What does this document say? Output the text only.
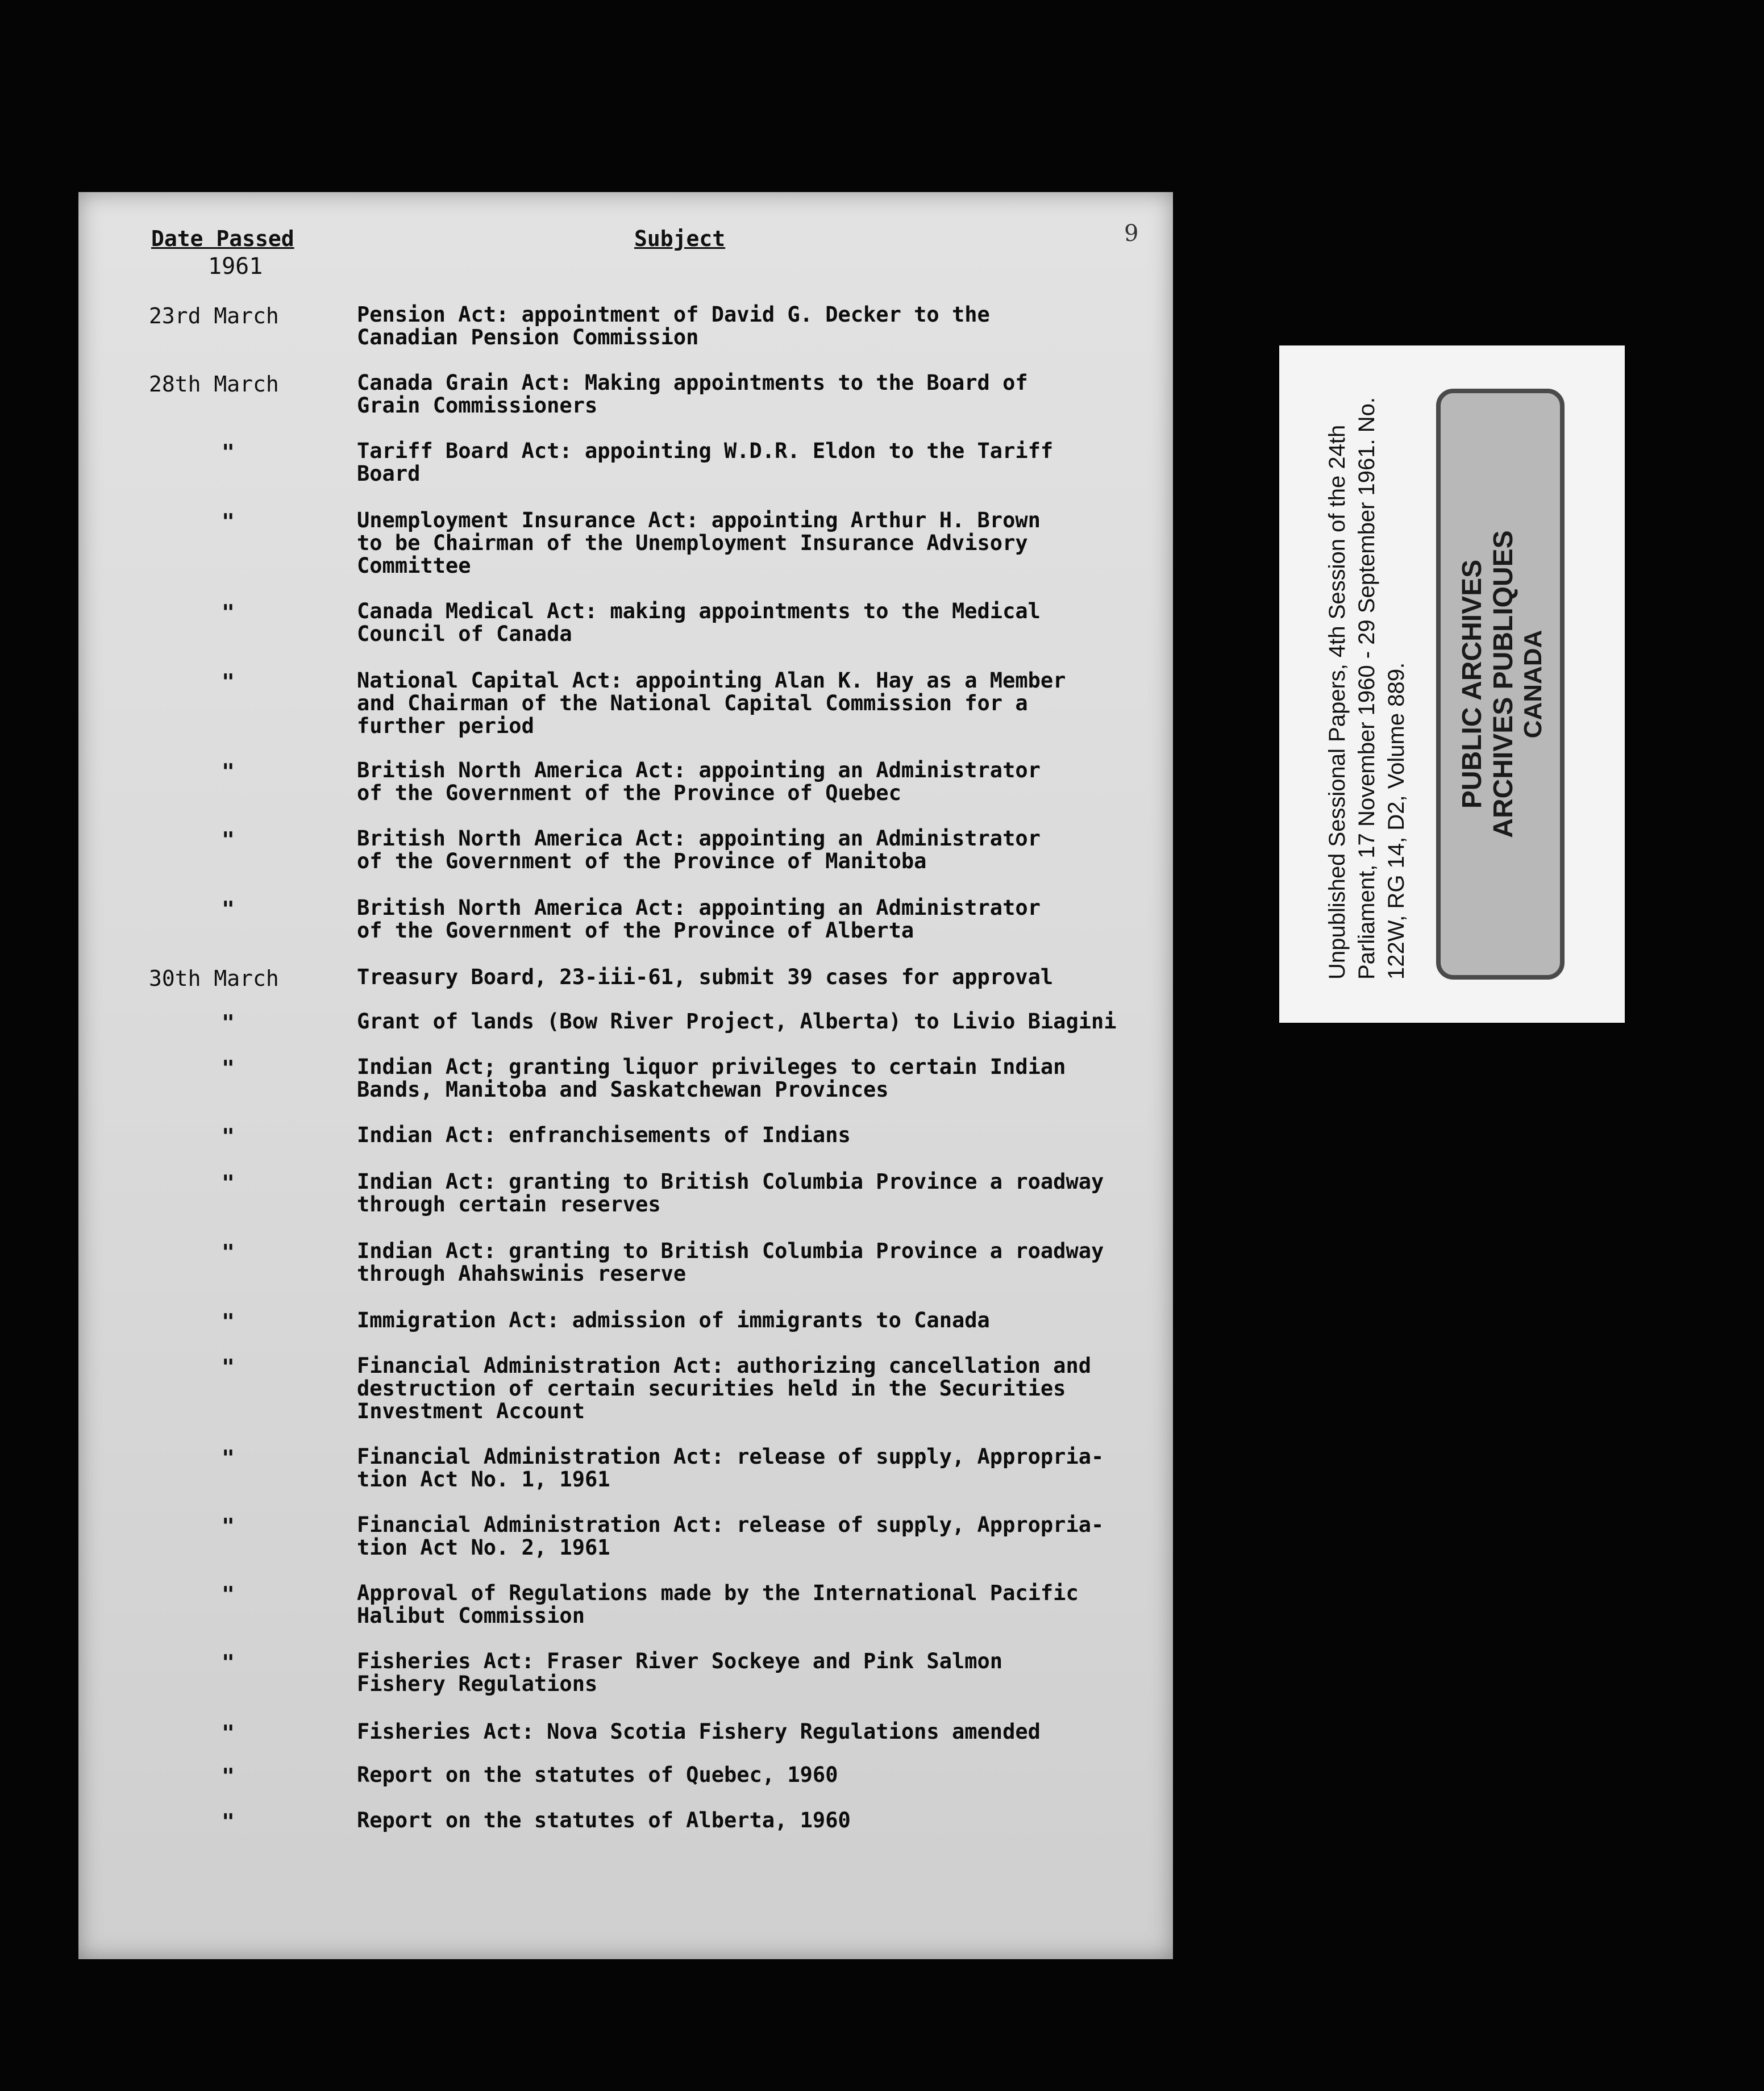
9
Date Passed	Subject
1961
23rd March	Pension Act: appointment of David G. Decker to the
Canadian Pension Commission
28th March	Canada Grain Act: Making appointments to the Board of
Grain Commissioners
"	Tariff Board Act: appointing W.D.R. Eldon to the Tariff
Board
"	Unemployment Insurance Act: appointing Arthur H. Brown
to be Chairman of the Unemployment Insurance Advisory
Committee
"	Canada Medical Act: making appointments to the Medical
Council of Canada
"	National Capital Act: appointing Alan K. Hay as a Member
and Chairman of the National Capital Commission for a
further period
"	British North America Act: appointing an Administrator
of the Government of the Province of Quebec
"	British North America Act: appointing an Administrator
of the Government of the Province of Manitoba
"	British North America Act: appointing an Administrator
of the Government of the Province of Alberta
30th March	Treasury Board, 23-iii-61, submit 39 cases for approval
"	Grant of lands (Bow River Project, Alberta) to Livio Biagini
"	Indian Act; granting liquor privileges to certain Indian
Bands, Manitoba and Saskatchewan Provinces
"	Indian Act: enfranchisements of Indians
"	Indian Act: granting to British Columbia Province a roadway
through certain reserves
"	Indian Act: granting to British Columbia Province a roadway
through Ahahswinis reserve
"	Immigration Act: admission of immigrants to Canada
"	Financial Administration Act: authorizing cancellation and
destruction of certain securities held in the Securities
Investment Account
"	Financial Administration Act: release of supply, Appropria-
tion Act No. 1, 1961
"	Financial Administration Act: release of supply, Appropria-
tion Act No. 2, 1961
"	Approval of Regulations made by the International Pacific
Halibut Commission
"	Fisheries Act: Fraser River Sockeye and Pink Salmon
Fishery Regulations
"	Fisheries Act: Nova Scotia Fishery Regulations amended
"	Report on the statutes of Quebec, 1960
"	Report on the statutes of Alberta, 1960
Unpublished Sessional Papers, 4th Session of the 24th Parliament, 17 November 1960 - 29 September 1961. No. 122W, RG 14, D2, Volume 889. PUBLIC ARCHIVES ARCHIVES PUBLIQUES CANADA
